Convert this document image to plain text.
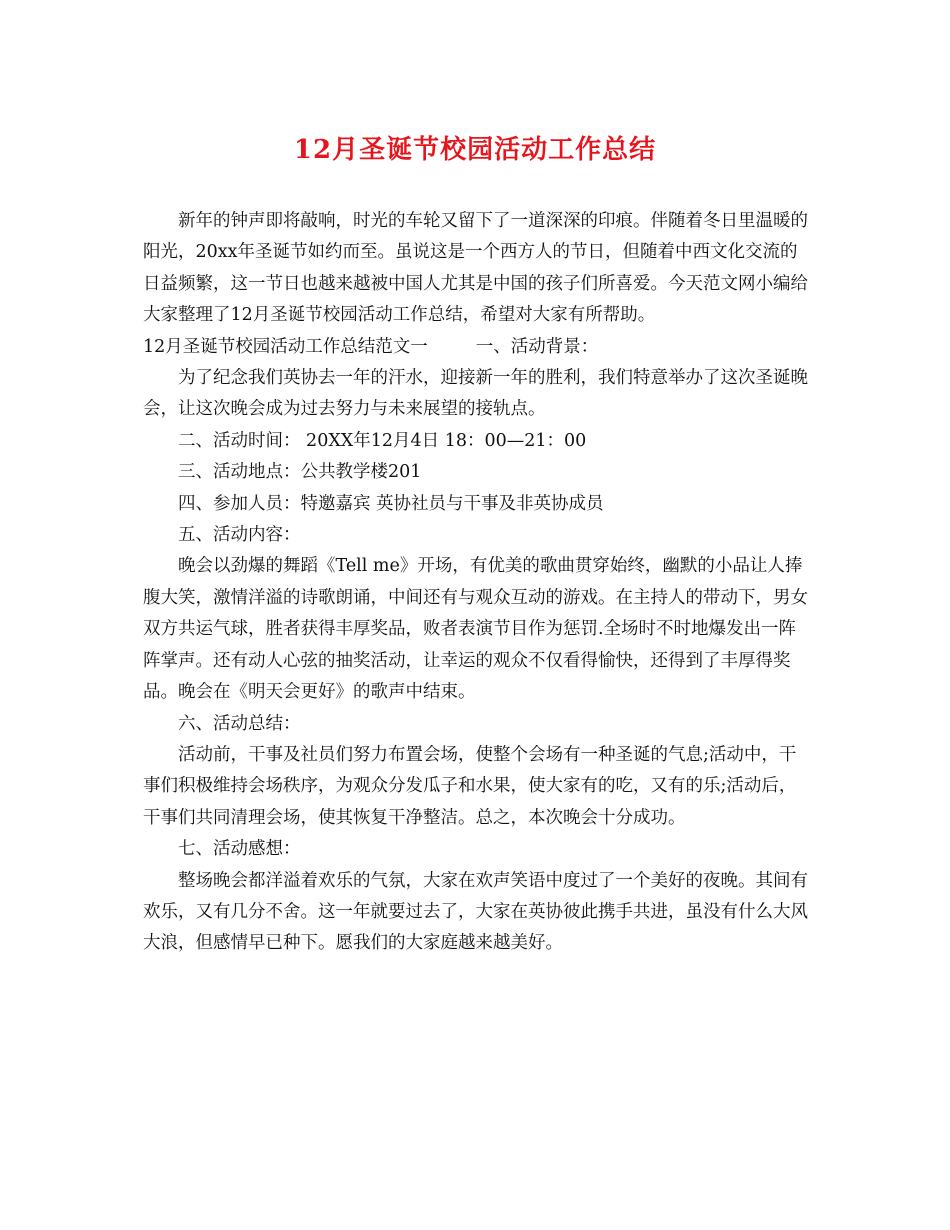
12月圣诞节校园活动工作总结

新年的钟声即将敲响，时光的车轮又留下了一道深深的印痕。伴随着冬日里温暖的阳光，20xx年圣诞节如约而至。虽说这是一个西方人的节日，但随着中西文化交流的日益频繁，这一节日也越来越被中国人尤其是中国的孩子们所喜爱。今天范文网小编给大家整理了12月圣诞节校园活动工作总结，希望对大家有所帮助。

12月圣诞节校园活动工作总结范文一	一、活动背景：

为了纪念我们英协去一年的汗水，迎接新一年的胜利，我们特意举办了这次圣诞晚会，让这次晚会成为过去努力与未来展望的接轨点。

二、活动时间： 20XX年12月4日 18：00—21：00

三、活动地点：公共教学楼201

四、参加人员：特邀嘉宾 英协社员与干事及非英协成员

五、活动内容：

晚会以劲爆的舞蹈《Tell me》开场，有优美的歌曲贯穿始终，幽默的小品让人捧腹大笑，激情洋溢的诗歌朗诵，中间还有与观众互动的游戏。在主持人的带动下，男女双方共运气球，胜者获得丰厚奖品，败者表演节目作为惩罚.全场时不时地爆发出一阵阵掌声。还有动人心弦的抽奖活动，让幸运的观众不仅看得愉快，还得到了丰厚得奖品。晚会在《明天会更好》的歌声中结束。

六、活动总结：

活动前，干事及社员们努力布置会场，使整个会场有一种圣诞的气息;活动中，干事们积极维持会场秩序，为观众分发瓜子和水果，使大家有的吃，又有的乐;活动后，干事们共同清理会场，使其恢复干净整洁。总之，本次晚会十分成功。

七、活动感想：

整场晚会都洋溢着欢乐的气氛，大家在欢声笑语中度过了一个美好的夜晚。其间有欢乐，又有几分不舍。这一年就要过去了，大家在英协彼此携手共进，虽没有什么大风大浪，但感情早已种下。愿我们的大家庭越来越美好。
